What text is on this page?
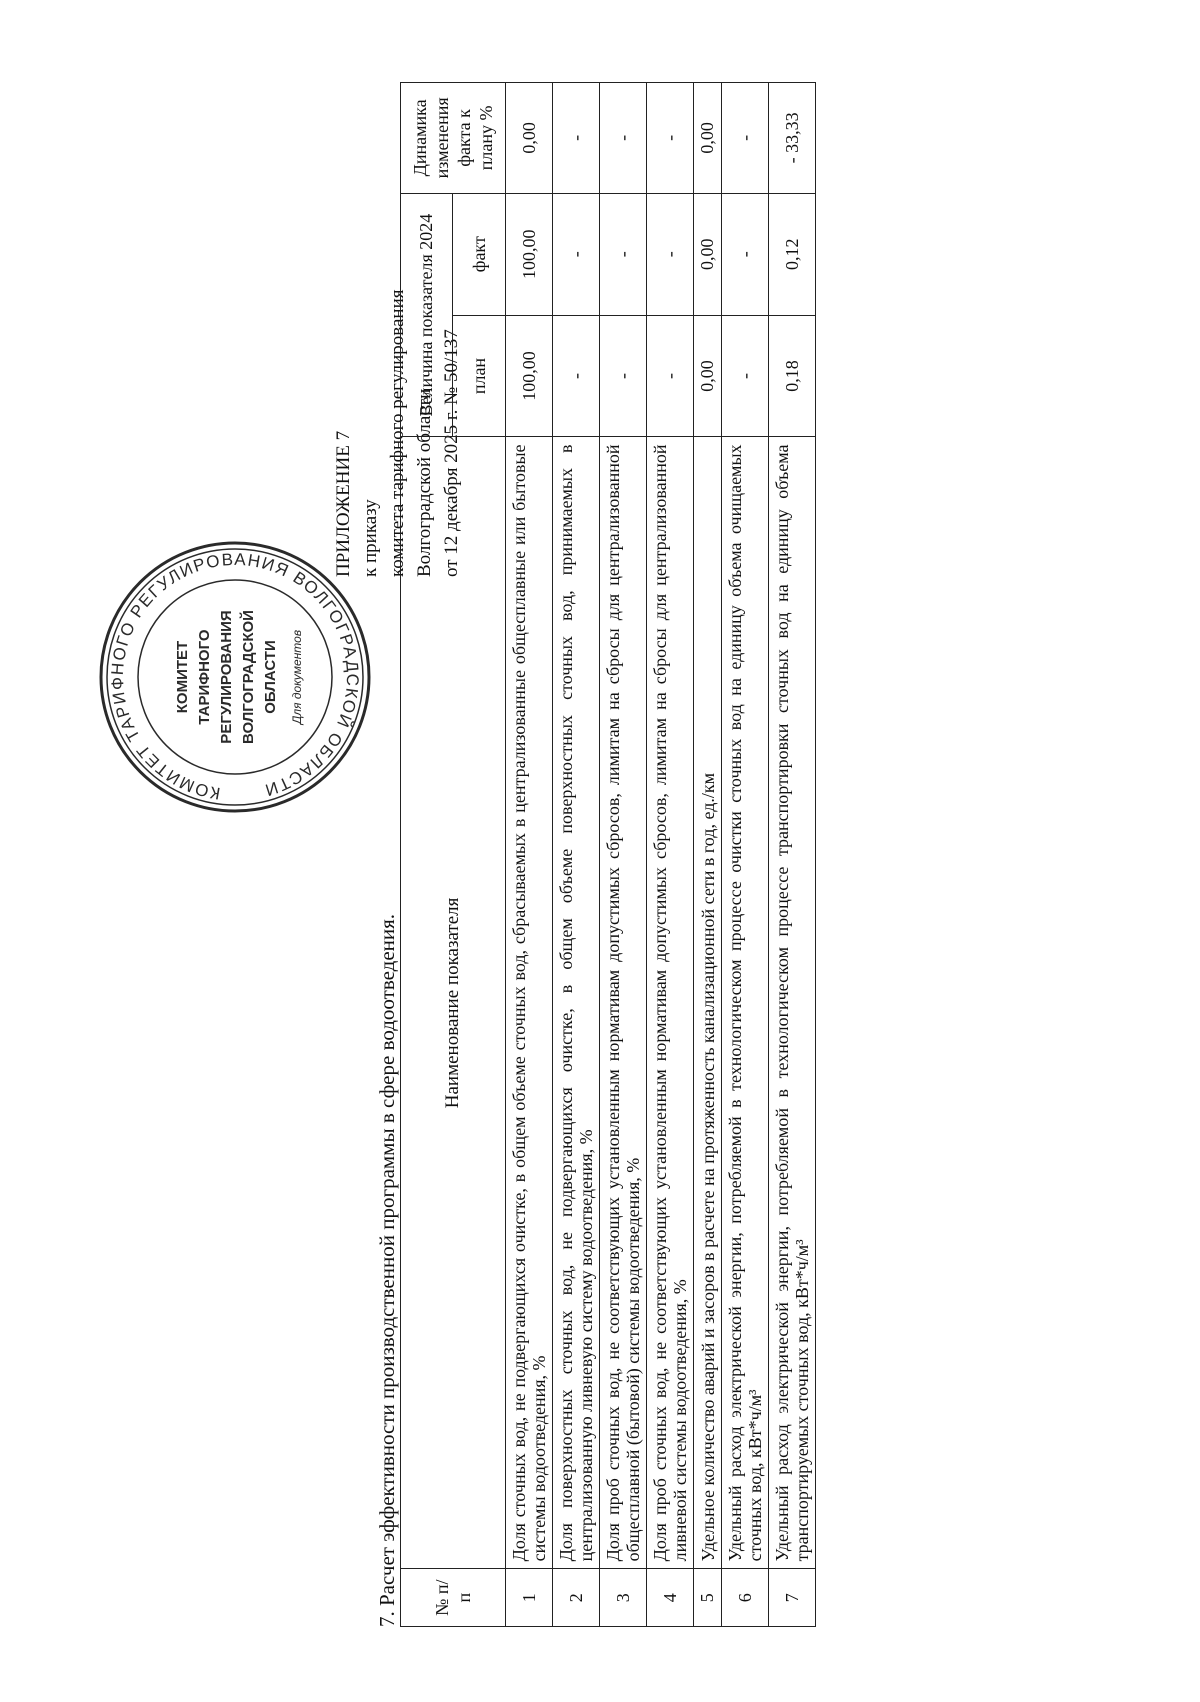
ПРИЛОЖЕНИЕ 7 к приказу комитета тарифного регулирования Волгоградской области от 12 декабря 2025 г. № 50/137
КОМИТЕТ ТАРИФНОГО РЕГУЛИРОВАНИЯ ВОЛГОГРАДСКОЙ ОБЛАСТИ
КОМИТЕТ ТАРИФНОГО РЕГУЛИРОВАНИЯ ВОЛГОГРАДСКОЙ ОБЛАСТИ Для документов
7. Расчет эффективности производственной программы в сфере водоотведения. № п/п	Наименование показателя	Величина показателя 2024		Динамика изменения факта к плану %
		план	факт	
1	Доля сточных вод, не подвергающихся очистке, в общем объеме сточных вод, сбрасываемых в централизованные общесплавные или бытовые системы водоотведения, %	100,00	100,00	0,00
2	Доля поверхностных сточных вод, не подвергающихся очистке, в общем объеме поверхностных сточных вод, принимаемых в централизованную ливневую систему водоотведения, %	-	-	-
3	Доля проб сточных вод, не соответствующих установленным нормативам допустимых сбросов, лимитам на сбросы для централизованной общесплавной (бытовой) системы водоотведения, %	-	-	-
4	Доля проб сточных вод, не соответствующих установленным нормативам допустимых сбросов, лимитам на сбросы для централизованной ливневой системы водоотведения, %	-	-	-
5	Удельное количество аварий и засоров в расчете на протяженность канализационной сети в год, ед./км	0,00	0,00	0,00
6	Удельный расход электрической энергии, потребляемой в технологическом процессе очистки сточных вод на единицу объема очищаемых сточных вод, кВт*ч/м³	-	-	-
7	Удельный расход электрической энергии, потребляемой в технологическом процессе транспортировки сточных вод на единицу объема транспортируемых сточных вод, кВт*ч/м³	0,18	0,12	- 33,33
